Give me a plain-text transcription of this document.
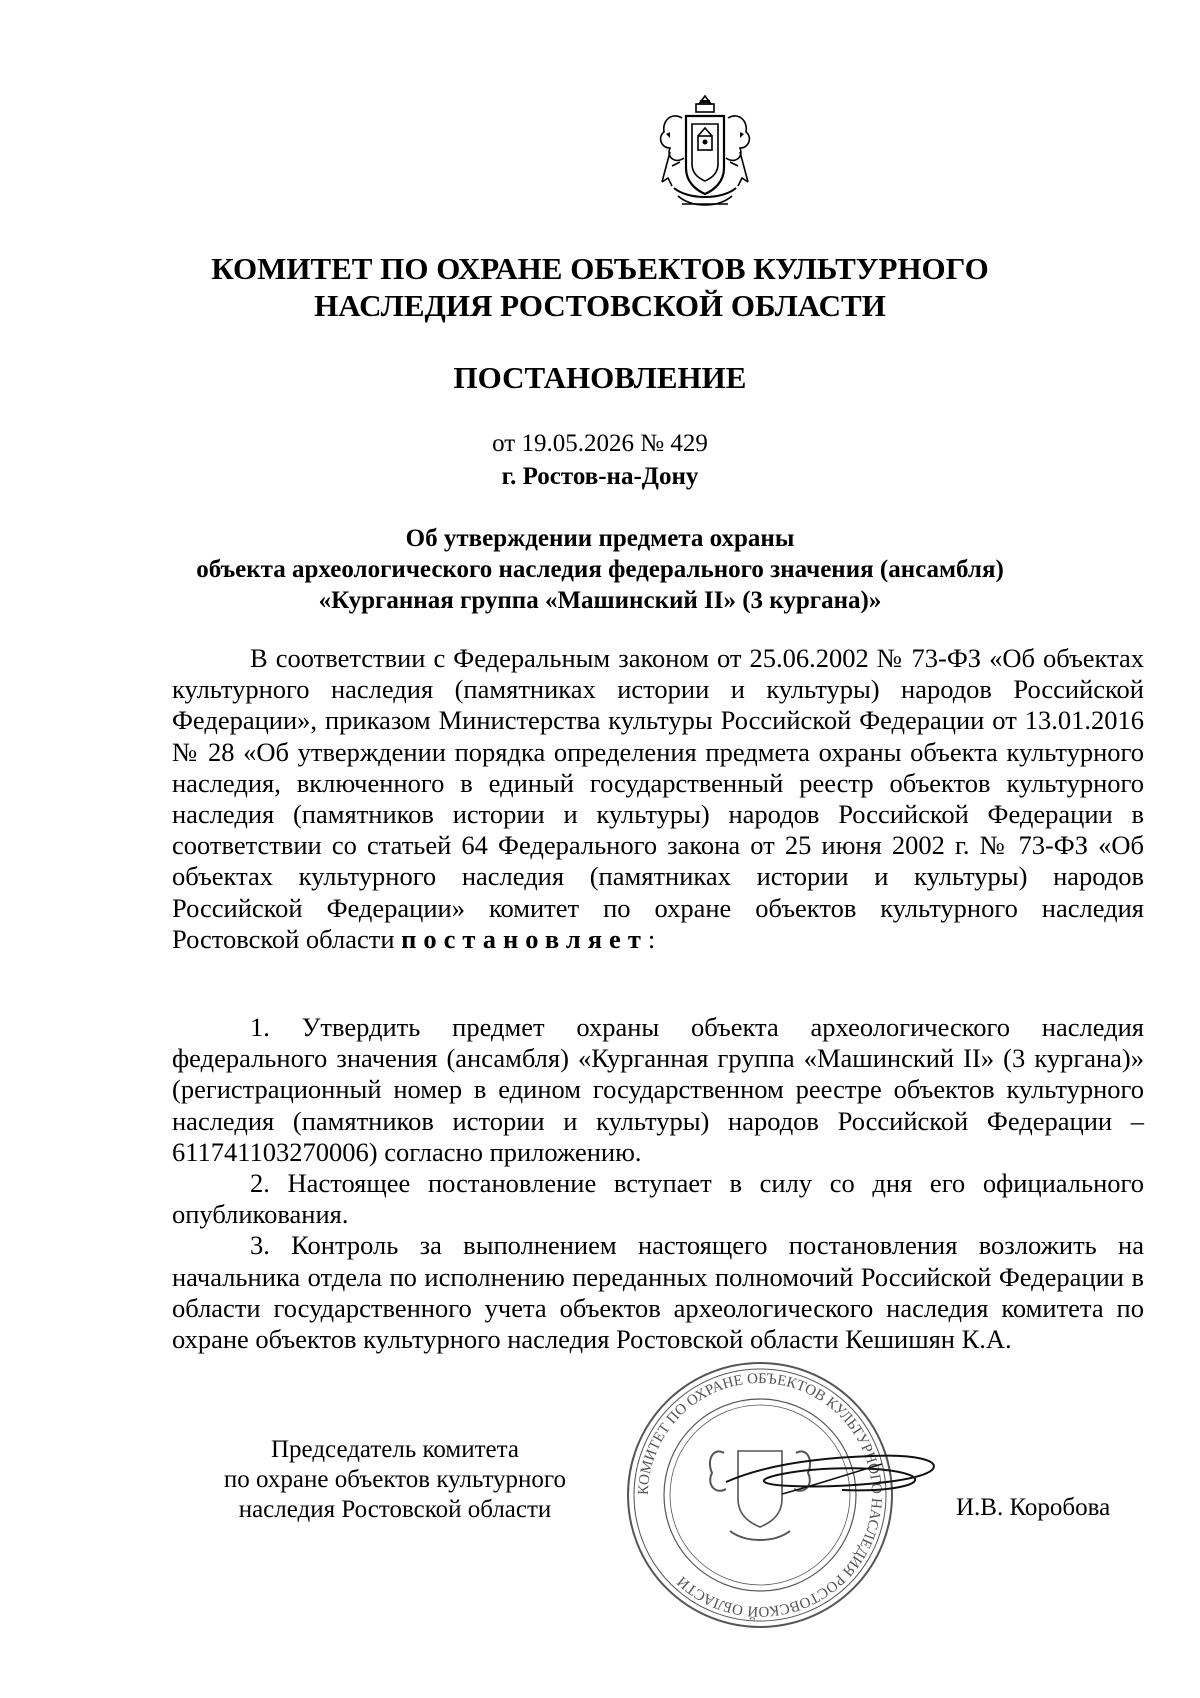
КОМИТЕТ ПО ОХРАНЕ ОБЪЕКТОВ КУЛЬТУРНОГО
НАСЛЕДИЯ РОСТОВСКОЙ ОБЛАСТИ
ПОСТАНОВЛЕНИЕ
от 19.05.2026 № 429
г. Ростов-на-Дону
Об утверждении предмета охраны
объекта археологического наследия федерального значения (ансамбля)
«Курганная группа «Машинский II» (3 кургана)»

В соответствии с Федеральным законом от 25.06.2002 № 73-ФЗ «Об объектах культурного наследия (памятниках истории и культуры) народов Российской Федерации», приказом Министерства культуры Российской Федерации от 13.01.2016 № 28 «Об утверждении порядка определения предмета охраны объекта культурного наследия, включенного в единый государственный реестр объектов культурного наследия (памятников истории и культуры) народов Российской Федерации в соответствии со статьей 64 Федерального закона от 25 июня 2002 г. № 73-ФЗ «Об объектах культурного наследия (памятниках истории и культуры) народов Российской Федерации» комитет по охране объектов культурного наследия Ростовской области постановляет:

1. Утвердить предмет охраны объекта археологического наследия федерального значения (ансамбля) «Курганная группа «Машинский II» (3 кургана)» (регистрационный номер в едином государственном реестре объектов культурного наследия (памятников истории и культуры) народов Российской Федерации – 611741103270006) согласно приложению.

2. Настоящее постановление вступает в силу со дня его официального опубликования.

3. Контроль за выполнением настоящего постановления возложить на начальника отдела по исполнению переданных полномочий Российской Федерации в области государственного учета объектов археологического наследия комитета по охране объектов культурного наследия Ростовской области Кешишян К.А.

КОМИТЕТ ПО ОХРАНЕ ОБЪЕКТОВ КУЛЬТУРНОГО НАСЛЕДИЯ РОСТОВСКОЙ ОБЛАСТИ
Председатель комитета
по охране объектов культурного
наследия Ростовской области	И.В. Коробова
